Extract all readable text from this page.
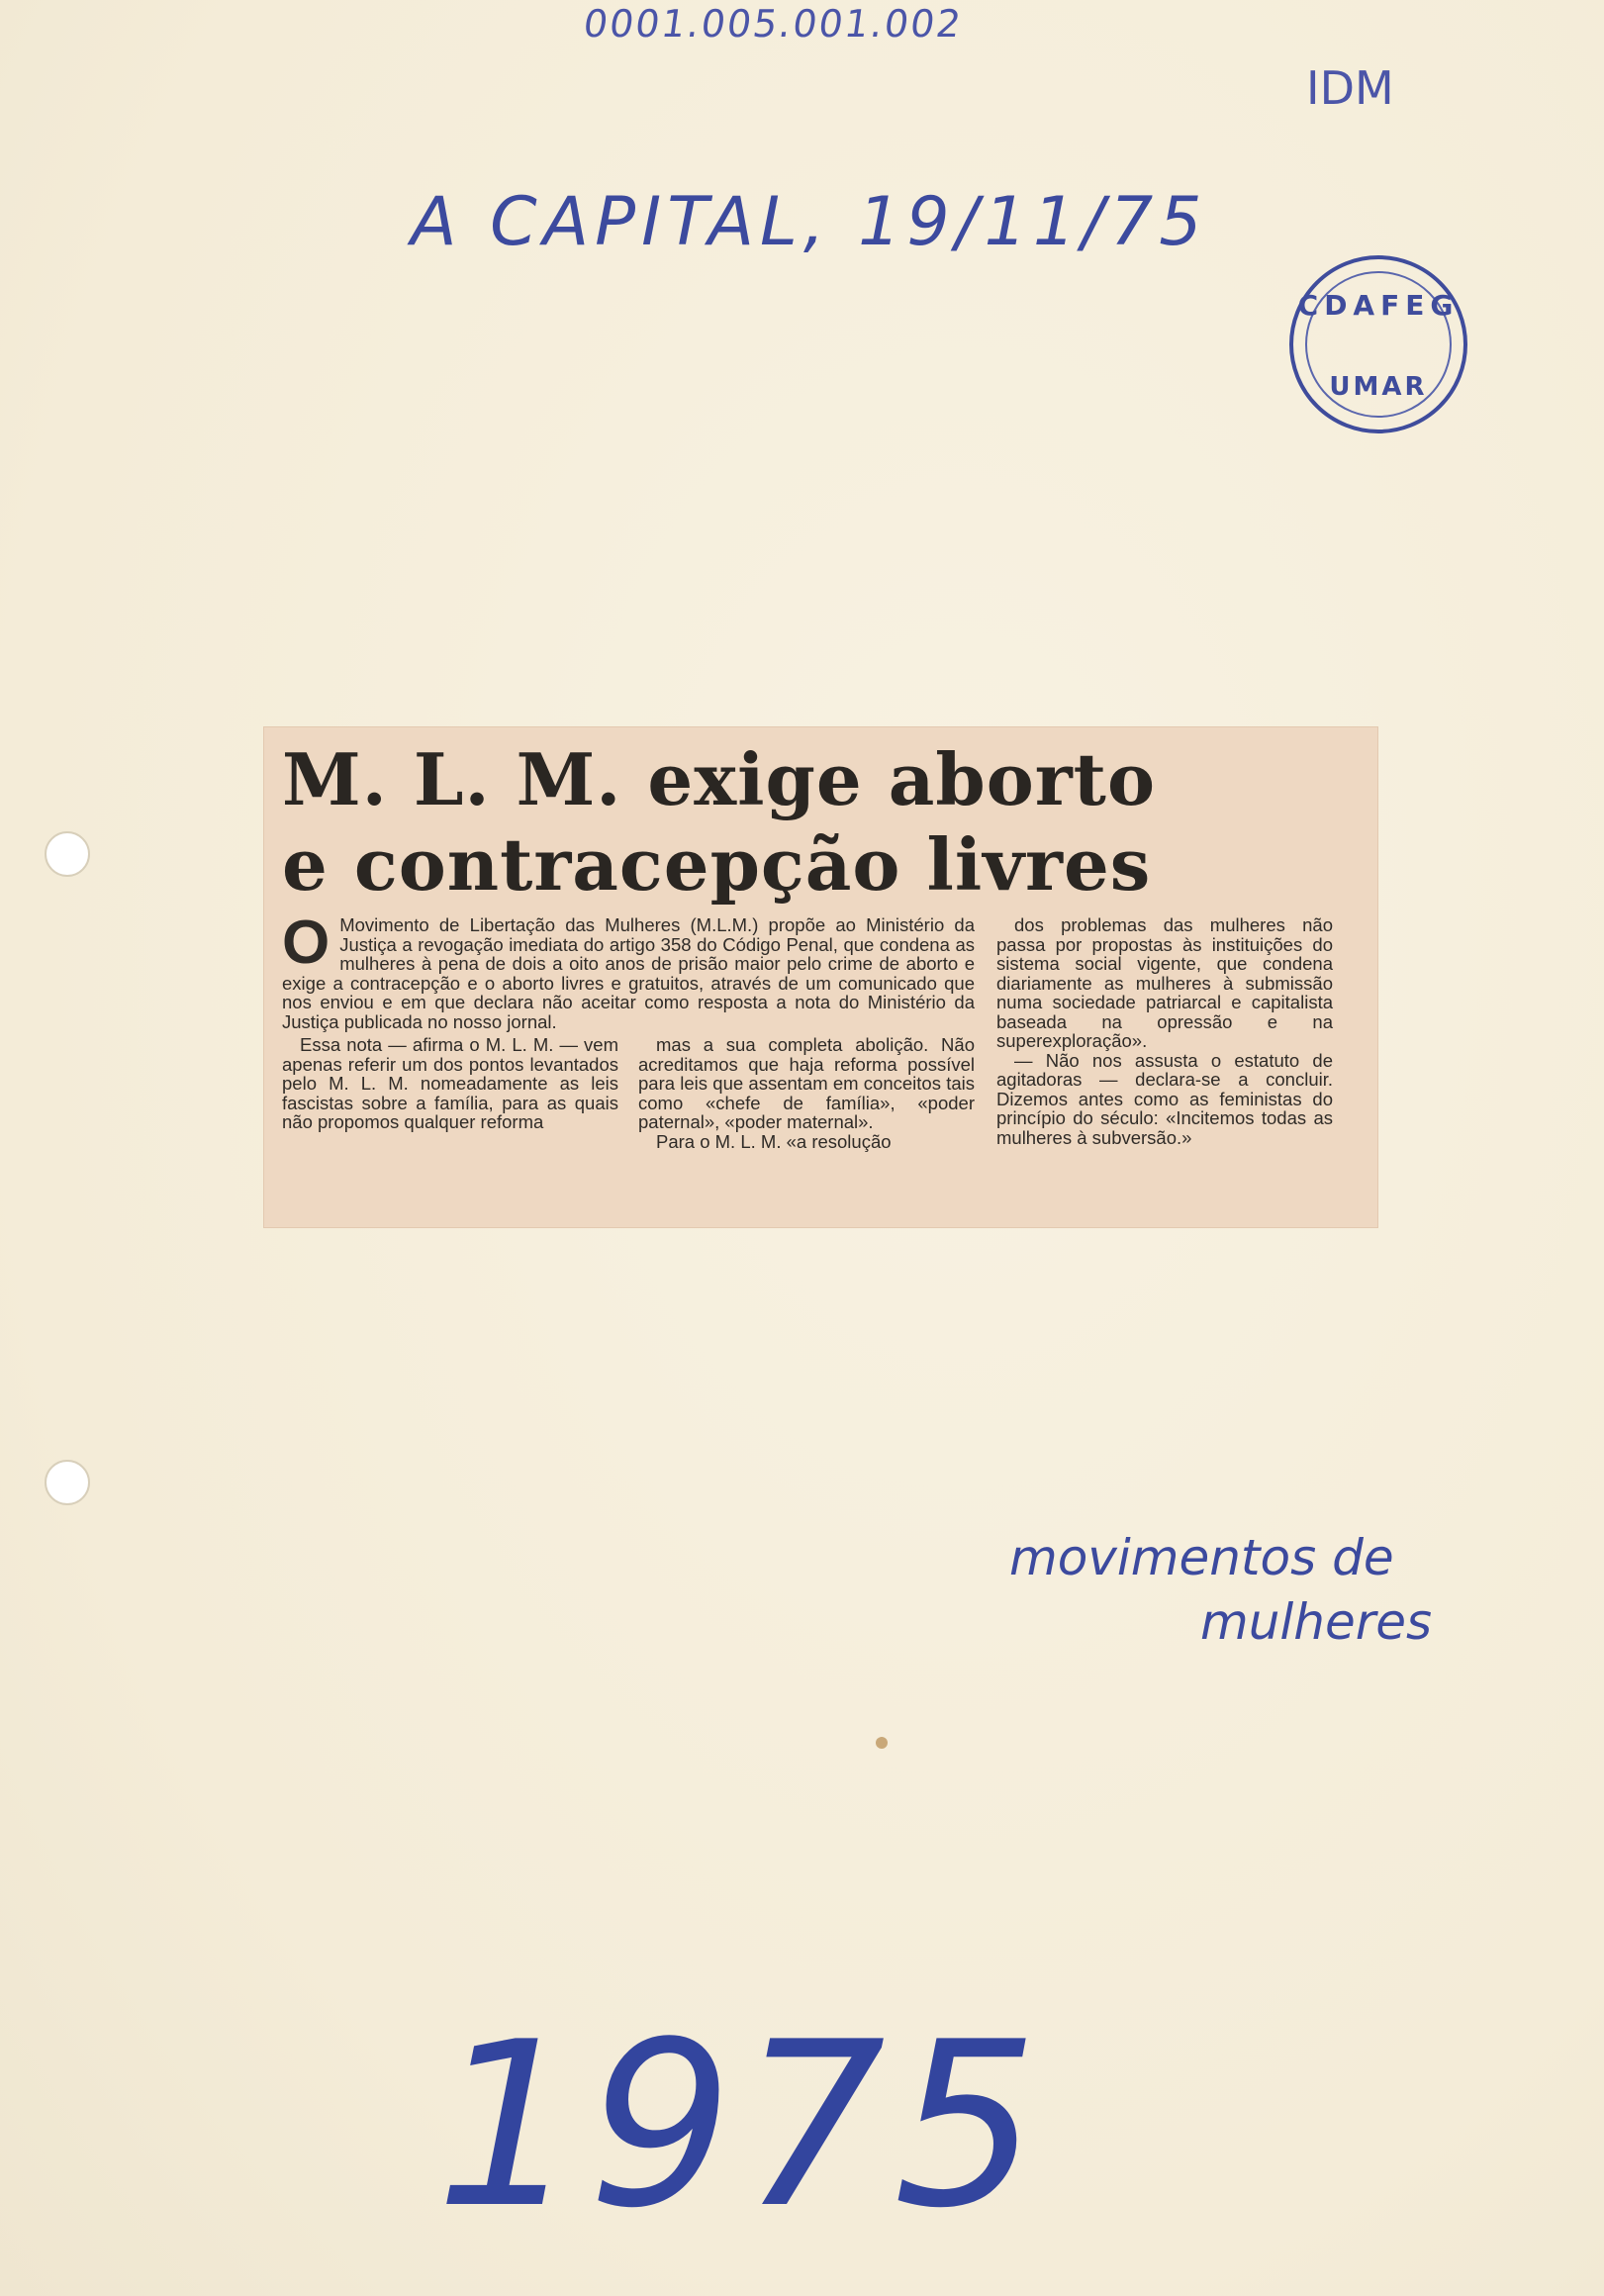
0001.005.001.002
IDM
A CAPITAL, 19/11/75
CDAFEG
UMAR
M. L. M. exige aborto
e contracepção livres
O Movimento de Libertação das Mulheres (M.L.M.) propõe ao Ministério da Justiça a revogação imediata do artigo 358 do Código Penal, que condena as mulheres à pena de dois a oito anos de prisão maior pelo crime de aborto e exige a contracepção e o aborto livres e gratuitos, através de um comunicado que nos enviou e em que declara não aceitar como resposta a nota do Ministério da Justiça publicada no nosso jornal.

Essa nota — afirma o M. L. M. — vem apenas referir um dos pontos levantados pelo M. L. M. nomeadamente as leis fascistas sobre a família, para as quais não propomos qualquer reforma

mas a sua completa abolição. Não acreditamos que haja reforma possível para leis que assentam em conceitos tais como «chefe de família», «poder paternal», «poder maternal».

Para o M. L. M. «a resolução

dos problemas das mulheres não passa por propostas às instituições do sistema social vigente, que condena diariamente as mulheres à submissão numa sociedade patriarcal e capitalista baseada na opressão e na superexploração».

— Não nos assusta o estatuto de agitadoras — declara-se a concluir. Dizemos antes como as feministas do princípio do século: «Incitemos todas as mulheres à subversão.»

movimentos de
mulheres
1975
